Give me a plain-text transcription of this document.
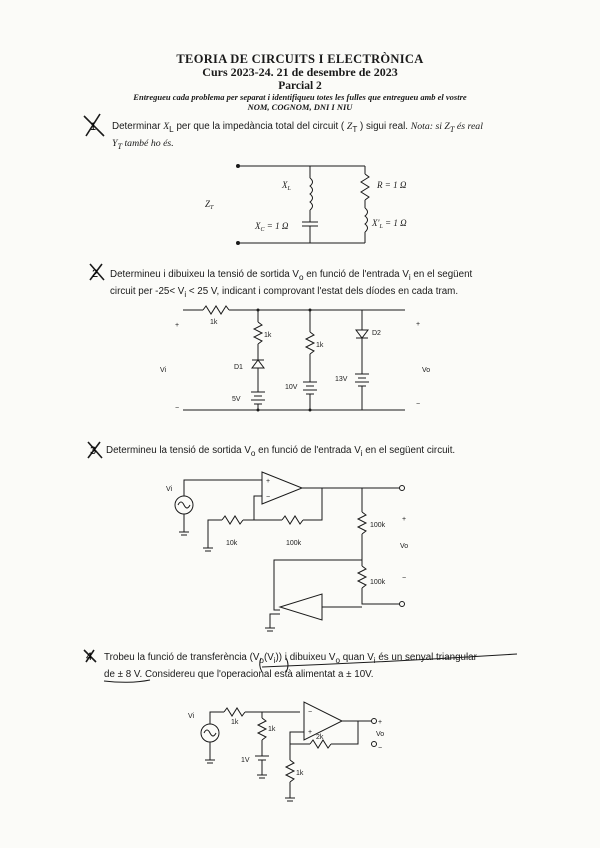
TEORIA DE CIRCUITS I ELECTRÒNICA
Curs 2023-24. 21 de desembre de 2023
Parcial 2
Entregueu cada problema per separat i identifiqueu totes les fulles que entregueu amb el vostre
NOM, COGNOM, DNI I NIU
Determinar $X_L$ per que la impedància total del circuit ( $Z_T$ ) sigui real. Nota: si $Z_T$ és real
$Y_T$ també ho és.
Determineu i dibuixeu la tensió de sortida $V_o$ en funció de l'entrada $V_i$ en el següent
circuit per $-25< V_i < 25$ V, indicant i comprovant l'estat dels díodes en cada tram.
Determineu la tensió de sortida $V_o$ en funció de l'entrada $V_i$ en el següent circuit.
Trobeu la funció de transferència $(V_o(V_i))$ i dibuixeu $V_o$ quan $V_i$ és un senyal triangular
de ± 8 V. Considereu que l'operacional està alimentat a ± 10V.
1
2
3
4
$Z_T$
$X_L$
$X_C = 1$ Ω
R = 1 Ω
$X'_L = 1$ Ω
+
−
Vi
1k
1k
1k
D1
D2
5V
10V
13V
+
−
Vo
Vi
10k	100k
100k
100k
Vo
+
−
+
−
Vi
1k
1k
1k
2k
1V
Vo
+
−
−
+
